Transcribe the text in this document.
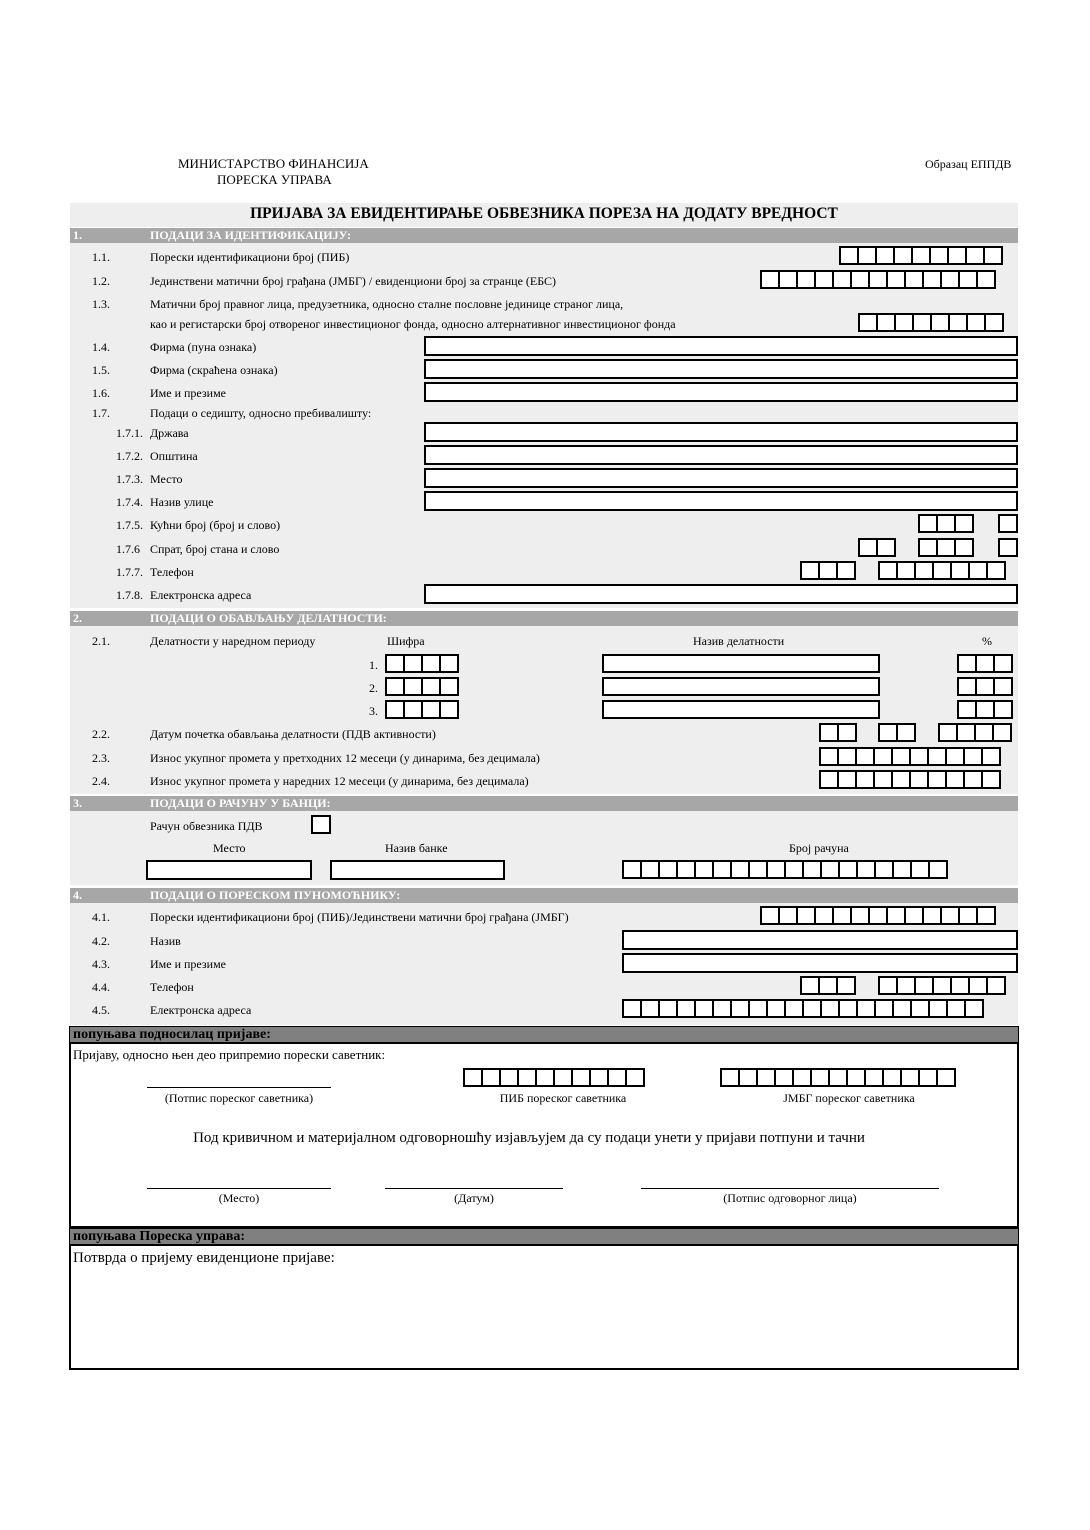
МИНИСТАРСТВО ФИНАНСИЈА
ПОРЕСКА УПРАВА
Образац ЕППДВ
ПРИЈАВА ЗА ЕВИДЕНТИРАЊЕ ОБВЕЗНИКА ПОРЕЗА НА ДОДАТУ ВРЕДНОСТ
1.	ПОДАЦИ ЗА ИДЕНТИФИКАЦИЈУ:
1.1.	Порески идентификациони број (ПИБ)
1.2.	Јединствени матични број грађана (ЈМБГ) / евиденциони број за странце (ЕБС)
1.3.	Матични број правног лица, предузетника, односно сталне пословне јединице страног лица,
као и регистарски број отвореног инвестиционог фонда, односно алтернативног инвестиционог фонда
1.4.	Фирма (пуна ознака)
1.5.	Фирма (скраћена ознака)
1.6.	Име и презиме
1.7.	Подаци о седишту, односно пребивалишту:
1.7.1. Држава
1.7.2. Општина
1.7.3. Место
1.7.4. Назив улице
1.7.5. Кућни број (број и слово)
1.7.6 Спрат, број стана и слово
1.7.7. Телефон
1.7.8. Електронска адреса
2.	ПОДАЦИ О ОБАВЉАЊУ ДЕЛАТНОСТИ:
2.1.	Делатности у наредном периоду	Шифра	Назив делатности	%
1.
2.
3.
2.2.	Датум почетка обављања делатности (ПДВ активности)
2.3.	Износ укупног промета у претходних 12 месеци (у динарима, без децимала)
2.4.	Износ укупног промета у наредних 12 месеци (у динарима, без децимала)
3.	ПОДАЦИ О РАЧУНУ У БАНЦИ:
Рачун обвезника ПДВ
Место	Назив банке	Број рачуна
4.	ПОДАЦИ О ПОРЕСКОМ ПУНОМОЋНИКУ:
4.1.	Порески идентификациони број (ПИБ)/Јединствени матични број грађана (ЈМБГ)
4.2.	Назив
4.3.	Име и презиме
4.4.	Телефон
4.5.	Електронска адреса
попуњава подносилац пријаве:
Пријаву, односно њен део припремио порески саветник:
(Потпис пореског саветника)	ПИБ пореског саветника	ЈМБГ пореског саветника
Под кривичном и материјалном одговорношћу изјављујем да су подаци унети у пријави потпуни и тачни
(Место)	(Датум)	(Потпис одговорног лица)
попуњава Пореска управа:
Потврда о пријему евиденционе пријаве:
